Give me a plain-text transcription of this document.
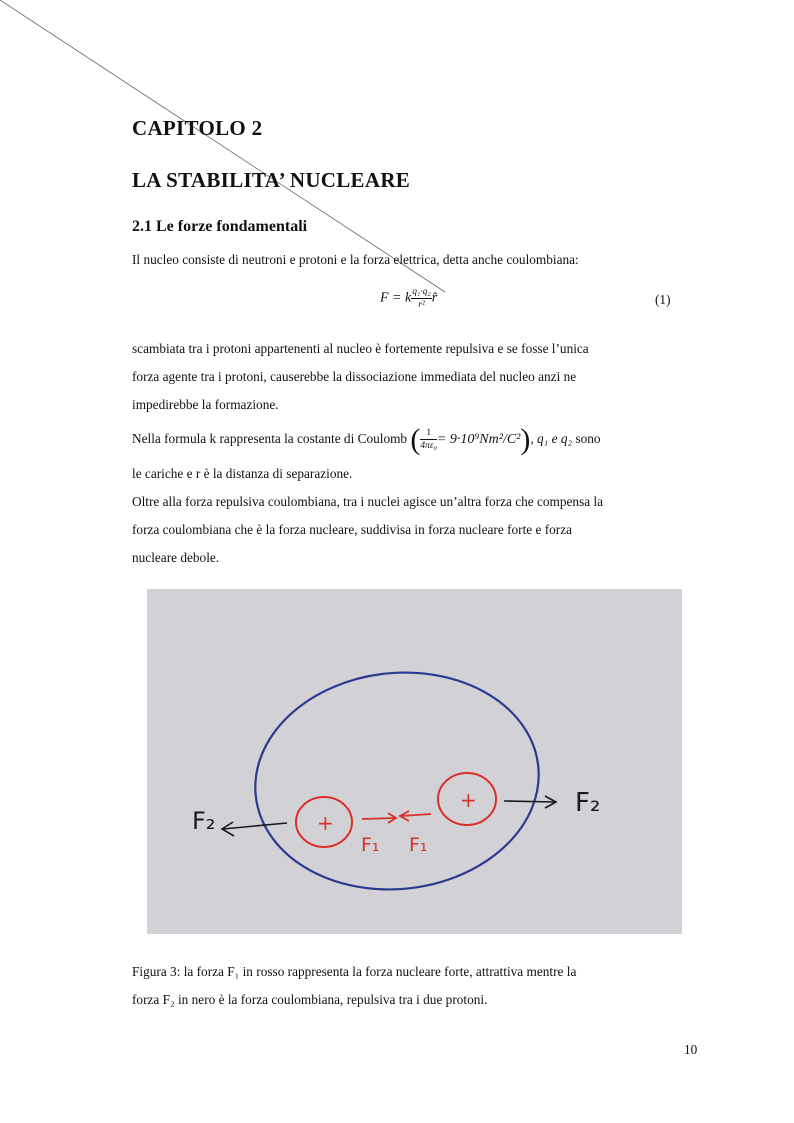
CAPITOLO 2
LA STABILITA’ NUCLEARE
2.1 Le forze fondamentali
Il nucleo consiste di neutroni e protoni e la forza elettrica, detta anche coulombiana:
F = k $\frac{\text{q₁·q₂}}{\text{r²}}$ r̂	(1)
scambiata tra i protoni appartenenti al nucleo è fortemente repulsiva e se fosse l’unica
forza agente tra i protoni, causerebbe la dissociazione immediata del nucleo anzi ne
impedirebbe la formazione.
Nella formula k rappresenta la costante di Coulomb ( $\frac{1}{\text{4πε₀}} = 9\cdot 10^9Nm^2/C^2$), q₁ e q₂ sono
le cariche e r è la distanza di separazione.
Oltre alla forza repulsiva coulombiana, tra i nuclei agisce un’altra forza che compensa la
forza coulombiana che è la forza nucleare, suddivisa in forza nucleare forte e forza
nucleare debole.
+
+
F₁ F₁
F₂
F₂
Figura 3: la forza F₁ in rosso rappresenta la forza nucleare forte, attrattiva mentre la
forza F₂ in nero è la forza coulombiana, repulsiva tra i due protoni.
10
